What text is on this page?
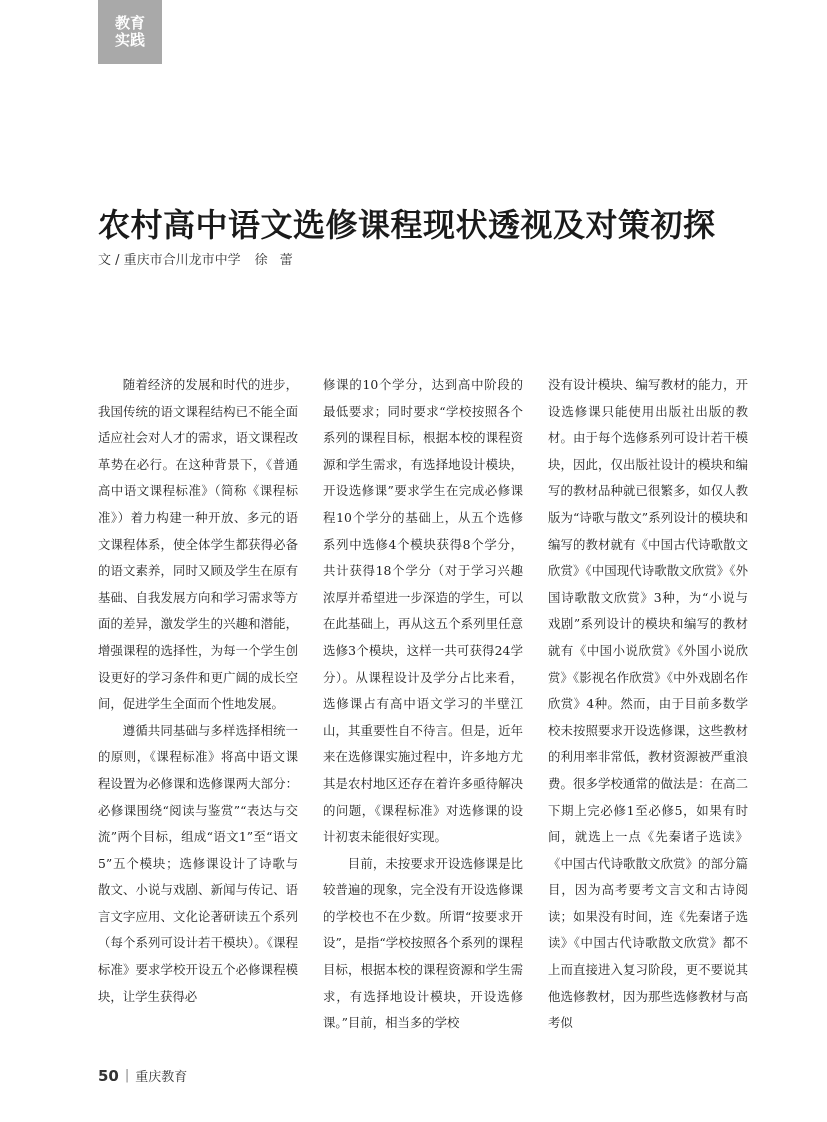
教育
实践
农村高中语文选修课程现状透视及对策初探
文 / 重庆市合川龙市中学 徐 蕾

随着经济的发展和时代的进步，我国传统的语文课程结构已不能全面适应社会对人才的需求，语文课程改革势在必行。在这种背景下，《普通高中语文课程标准》（简称《课程标准》）着力构建一种开放、多元的语文课程体系，使全体学生都获得必备的语文素养，同时又顾及学生在原有基础、自我发展方向和学习需求等方面的差异，激发学生的兴趣和潜能，增强课程的选择性，为每一个学生创设更好的学习条件和更广阔的成长空间，促进学生全面而个性地发展。

遵循共同基础与多样选择相统一的原则，《课程标准》将高中语文课程设置为必修课和选修课两大部分：必修课围绕“阅读与鉴赏”“表达与交流”两个目标，组成“语文1”至“语文5”五个模块；选修课设计了诗歌与散文、小说与戏剧、新闻与传记、语言文字应用、文化论著研读五个系列（每个系列可设计若干模块）。《课程标准》要求学校开设五个必修课程模块，让学生获得必

修课的10个学分，达到高中阶段的最低要求；同时要求“学校按照各个系列的课程目标，根据本校的课程资源和学生需求，有选择地设计模块，开设选修课”要求学生在完成必修课程10个学分的基础上，从五个选修系列中选修4个模块获得8个学分，共计获得18个学分（对于学习兴趣浓厚并希望进一步深造的学生，可以在此基础上，再从这五个系列里任意选修3个模块，这样一共可获得24学分）。从课程设计及学分占比来看，选修课占有高中语文学习的半壁江山，其重要性自不待言。但是，近年来在选修课实施过程中，许多地方尤其是农村地区还存在着许多亟待解决的问题，《课程标准》对选修课的设计初衷未能很好实现。

目前，未按要求开设选修课是比较普遍的现象，完全没有开设选修课的学校也不在少数。所谓“按要求开设”，是指“学校按照各个系列的课程目标，根据本校的课程资源和学生需求，有选择地设计模块，开设选修课。”目前，相当多的学校

没有设计模块、编写教材的能力，开设选修课只能使用出版社出版的教材。由于每个选修系列可设计若干模块，因此，仅出版社设计的模块和编写的教材品种就已很繁多，如仅人教版为“诗歌与散文”系列设计的模块和编写的教材就有《中国古代诗歌散文欣赏》《中国现代诗歌散文欣赏》《外国诗歌散文欣赏》3种，为“小说与戏剧”系列设计的模块和编写的教材就有《中国小说欣赏》《外国小说欣赏》《影视名作欣赏》《中外戏剧名作欣赏》4种。然而，由于目前多数学校未按照要求开设选修课，这些教材的利用率非常低，教材资源被严重浪费。很多学校通常的做法是：在高二下期上完必修1至必修5，如果有时间，就选上一点《先秦诸子选读》《中国古代诗歌散文欣赏》的部分篇目，因为高考要考文言文和古诗阅读；如果没有时间，连《先秦诸子选读》《中国古代诗歌散文欣赏》都不上而直接进入复习阶段，更不要说其他选修教材，因为那些选修教材与高考似

50 | 重庆教育
